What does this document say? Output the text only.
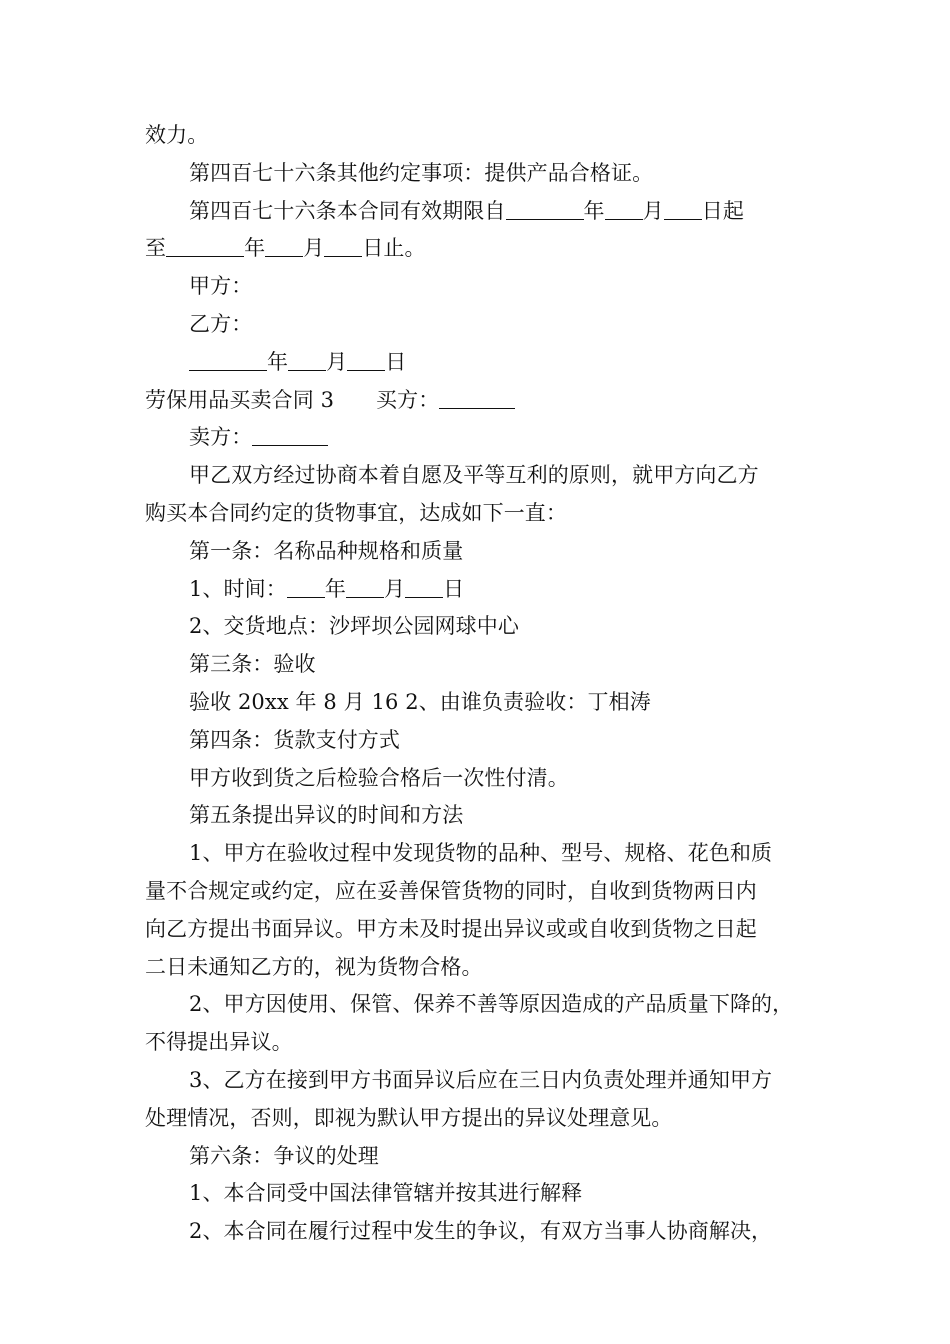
效力。
第四百七十六条其他约定事项：提供产品合格证。
第四百七十六条本合同有效期限自	年 月 日起
至	年 月 日止。
甲方：
乙方：
年 月 日
劳保用品买卖合同 3 买方：
卖方：
甲乙双方经过协商本着自愿及平等互利的原则，就甲方向乙方
购买本合同约定的货物事宜，达成如下一直：
第一条：名称品种规格和质量
1、时间： 年 月 日
2、交货地点：沙坪坝公园网球中心
第三条：验收
验收 20xx 年 8 月 16 2、由谁负责验收：丁相涛
第四条：货款支付方式
甲方收到货之后检验合格后一次性付清。
第五条提出异议的时间和方法
1、甲方在验收过程中发现货物的品种、型号、规格、花色和质
量不合规定或约定，应在妥善保管货物的同时，自收到货物两日内
向乙方提出书面异议。甲方未及时提出异议或或自收到货物之日起
二日未通知乙方的，视为货物合格。
2、甲方因使用、保管、保养不善等原因造成的产品质量下降的，
不得提出异议。
3、乙方在接到甲方书面异议后应在三日内负责处理并通知甲方
处理情况，否则，即视为默认甲方提出的异议处理意见。
第六条：争议的处理
1、本合同受中国法律管辖并按其进行解释
2、本合同在履行过程中发生的争议，有双方当事人协商解决，
